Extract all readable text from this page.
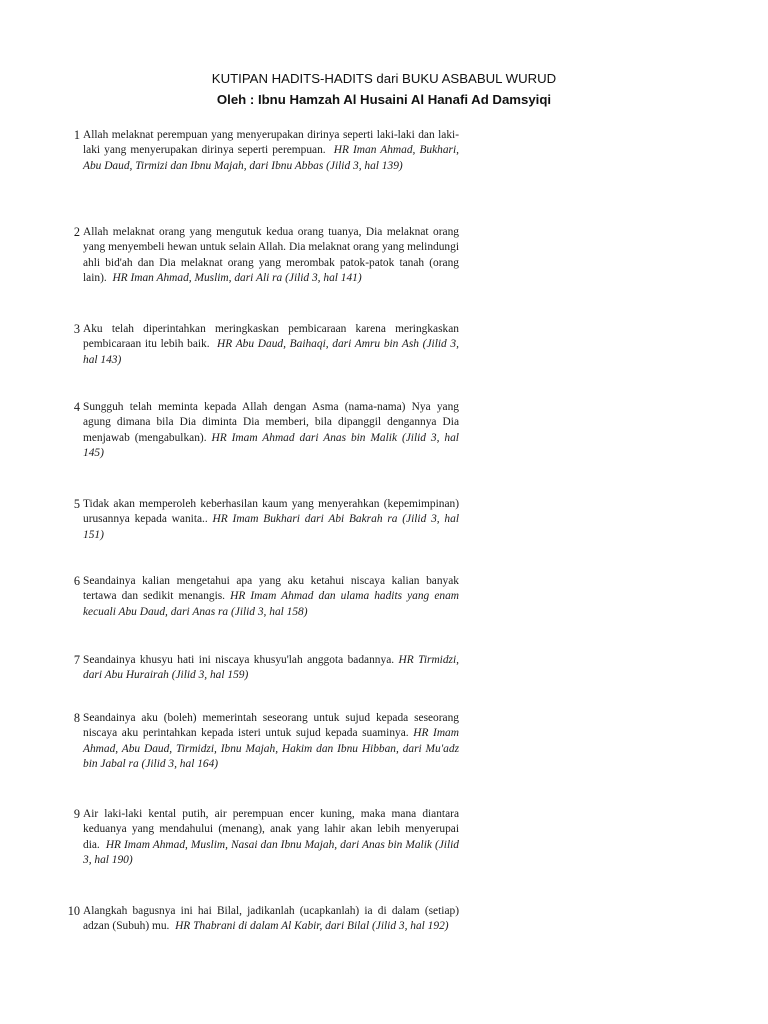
KUTIPAN HADITS-HADITS dari BUKU ASBABUL WURUD
Oleh : Ibnu Hamzah Al Husaini Al Hanafi Ad Damsyiqi
1 Allah melaknat perempuan yang menyerupakan dirinya seperti laki-laki dan laki-laki yang menyerupakan dirinya seperti perempuan. HR Iman Ahmad, Bukhari, Abu Daud, Tirmizi dan Ibnu Majah, dari Ibnu Abbas (Jilid 3, hal 139)
2 Allah melaknat orang yang mengutuk kedua orang tuanya, Dia melaknat orang yang menyembeli hewan untuk selain Allah. Dia melaknat orang yang melindungi ahli bid'ah dan Dia melaknat orang yang merombak patok-patok tanah (orang lain). HR Iman Ahmad, Muslim, dari Ali ra (Jilid 3, hal 141)
3 Aku telah diperintahkan meringkaskan pembicaraan karena meringkaskan pembicaraan itu lebih baik. HR Abu Daud, Baihaqi, dari Amru bin Ash (Jilid 3, hal 143)
4 Sungguh telah meminta kepada Allah dengan Asma (nama-nama) Nya yang agung dimana bila Dia diminta Dia memberi, bila dipanggil dengannya Dia menjawab (mengabulkan). HR Imam Ahmad dari Anas bin Malik (Jilid 3, hal 145)
5 Tidak akan memperoleh keberhasilan kaum yang menyerahkan (kepemimpinan) urusannya kepada wanita.. HR Imam Bukhari dari Abi Bakrah ra (Jilid 3, hal 151)
6 Seandainya kalian mengetahui apa yang aku ketahui niscaya kalian banyak tertawa dan sedikit menangis. HR Imam Ahmad dan ulama hadits yang enam kecuali Abu Daud, dari Anas ra (Jilid 3, hal 158)
7 Seandainya khusyu hati ini niscaya khusyu'lah anggota badannya. HR Tirmidzi, dari Abu Hurairah (Jilid 3, hal 159)
8 Seandainya aku (boleh) memerintah seseorang untuk sujud kepada seseorang niscaya aku perintahkan kepada isteri untuk sujud kepada suaminya. HR Imam Ahmad, Abu Daud, Tirmidzi, Ibnu Majah, Hakim dan Ibnu Hibban, dari Mu'adz bin Jabal ra (Jilid 3, hal 164)
9 Air laki-laki kental putih, air perempuan encer kuning, maka mana diantara keduanya yang mendahului (menang), anak yang lahir akan lebih menyerupai dia. HR Imam Ahmad, Muslim, Nasai dan Ibnu Majah, dari Anas bin Malik (Jilid 3, hal 190)
10 Alangkah bagusnya ini hai Bilal, jadikanlah (ucapkanlah) ia di dalam (setiap) adzan (Subuh) mu. HR Thabrani di dalam Al Kabir, dari Bilal (Jilid 3, hal 192)
